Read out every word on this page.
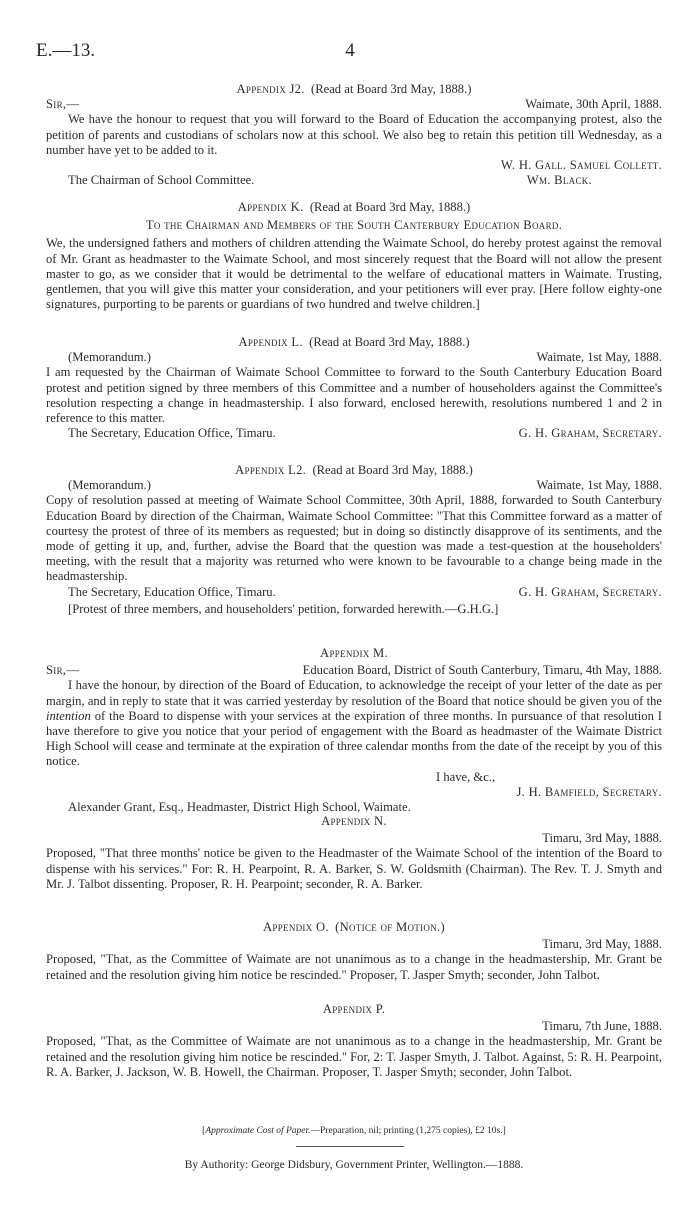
E.—13.	4

Appendix J2. (Read at Board 3rd May, 1888.)

Sir,—	Waimate, 30th April, 1888.

We have the honour to request that you will forward to the Board of Education the accompanying protest, also the petition of parents and custodians of scholars now at this school. We also beg to retain this petition till Wednesday, as a number have yet to be added to it.

W. H. Gall. Samuel Collett.

The Chairman of School Committee.	Wm. Black.

Appendix K. (Read at Board 3rd May, 1888.)

To the Chairman and Members of the South Canterbury Education Board.

We, the undersigned fathers and mothers of children attending the Waimate School, do hereby protest against the removal of Mr. Grant as headmaster to the Waimate School, and most sincerely request that the Board will not allow the present master to go, as we consider that it would be detrimental to the welfare of educational matters in Waimate. Trusting, gentlemen, that you will give this matter your consideration, and your petitioners will ever pray. [Here follow eighty-one signatures, purporting to be parents or guardians of two hundred and twelve children.]

Appendix L. (Read at Board 3rd May, 1888.)

(Memorandum.)	Waimate, 1st May, 1888.

I am requested by the Chairman of Waimate School Committee to forward to the South Canterbury Education Board protest and petition signed by three members of this Committee and a number of householders against the Committee's resolution respecting a change in headmastership. I also forward, enclosed herewith, resolutions numbered 1 and 2 in reference to this matter.

The Secretary, Education Office, Timaru.	G. H. Graham, Secretary.

Appendix L2. (Read at Board 3rd May, 1888.)

(Memorandum.)	Waimate, 1st May, 1888.

Copy of resolution passed at meeting of Waimate School Committee, 30th April, 1888, forwarded to South Canterbury Education Board by direction of the Chairman, Waimate School Committee: "That this Committee forward as a matter of courtesy the protest of three of its members as requested; but in doing so distinctly disapprove of its sentiments, and the mode of getting it up, and, further, advise the Board that the question was made a test-question at the householders' meeting, with the result that a majority was returned who were known to be favourable to a change being made in the headmastership.

The Secretary, Education Office, Timaru.	G. H. Graham, Secretary.

[Protest of three members, and householders' petition, forwarded herewith.—G.H.G.]

Appendix M.

Sir,—	Education Board, District of South Canterbury, Timaru, 4th May, 1888.

I have the honour, by direction of the Board of Education, to acknowledge the receipt of your letter of the date as per margin, and in reply to state that it was carried yesterday by resolution of the Board that notice should be given you of the intention of the Board to dispense with your services at the expiration of three months. In pursuance of that resolution I have therefore to give you notice that your period of engagement with the Board as headmaster of the Waimate District High School will cease and terminate at the expiration of three calendar months from the date of the receipt by you of this notice.

I have, &c.,

J. H. Bamfield, Secretary.

Alexander Grant, Esq., Headmaster, District High School, Waimate.

Appendix N.

Timaru, 3rd May, 1888.

Proposed, "That three months' notice be given to the Headmaster of the Waimate School of the intention of the Board to dispense with his services." For: R. H. Pearpoint, R. A. Barker, S. W. Goldsmith (Chairman). The Rev. T. J. Smyth and Mr. J. Talbot dissenting. Proposer, R. H. Pearpoint; seconder, R. A. Barker.

Appendix O. (Notice of Motion.)

Timaru, 3rd May, 1888.

Proposed, "That, as the Committee of Waimate are not unanimous as to a change in the headmastership, Mr. Grant be retained and the resolution giving him notice be rescinded." Proposer, T. Jasper Smyth; seconder, John Talbot.

Appendix P.

Timaru, 7th June, 1888.

Proposed, "That, as the Committee of Waimate are not unanimous as to a change in the headmastership, Mr. Grant be retained and the resolution giving him notice be rescinded." For, 2: T. Jasper Smyth, J. Talbot. Against, 5: R. H. Pearpoint, R. A. Barker, J. Jackson, W. B. Howell, the Chairman. Proposer, T. Jasper Smyth; seconder, John Talbot.

[Approximate Cost of Paper.—Preparation, nil; printing (1,275 copies), £2 10s.]
By Authority: George Didsbury, Government Printer, Wellington.—1888.
